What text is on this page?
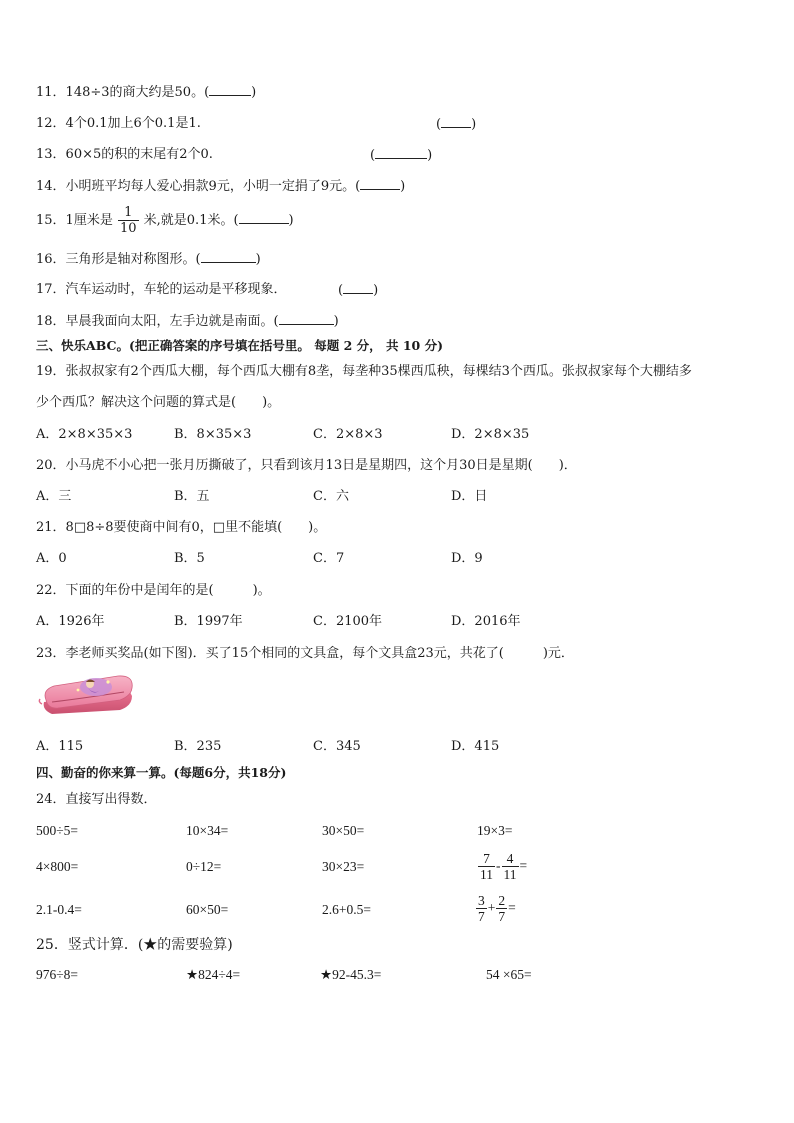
11．148÷3的商大约是50。(	)
12．4个0.1加上6个0.1是1.	( )
13．60×5的积的末尾有2个0.	(	)
14．小明班平均每人爱心捐款9元，小明一定捐了9元。(	)
15．1厘米是 $\frac{1}{10}$ 米,就是0.1米。(	)
16．三角形是轴对称图形。(	)
17．汽车运动时，车轮的运动是平移现象．	( )
18．早晨我面向太阳，左手边就是南面。(	)
三、快乐ABC。(把正确答案的序号填在括号里。 每题 2 分， 共 10 分)
19．张叔叔家有2个西瓜大棚，每个西瓜大棚有8垄，每垄种35棵西瓜秧，每棵结3个西瓜。张叔叔家每个大棚结多
少个西瓜？解决这个问题的算式是(　　)。
A．2×8×35×3	B．8×35×3	C．2×8×3	D．2×8×35
20．小马虎不小心把一张月历撕破了，只看到该月13日是星期四，这个月30日是星期(　　)．
A．三	B．五	C．六	D．日
21．8□8÷8要使商中间有0，□里不能填(　　)。
A．0	B．5	C．7	D．9
22．下面的年份中是闰年的是(　　　)。
A．1926年	B．1997年	C．2100年	D．2016年
23．李老师买奖品(如下图)．买了15个相同的文具盒，每个文具盒23元，共花了(　　　)元．
A．115	B．235	C．345	D．415
四、勤奋的你来算一算。(每题6分，共18分)
24．直接写出得数．
500÷5=	10×34=	30×50=	19×3=
4×800=	0÷12=	30×23=	$\frac{7}{11} - \frac{4}{11}$ =
2.1-0.4=	60×50=	2.6+0.5=	$\frac{3}{7} + \frac{2}{7}$ =
25．竖式计算．(★的需要验算)
976÷8=	★824÷4=	★92-45.3=	54 ×65=
